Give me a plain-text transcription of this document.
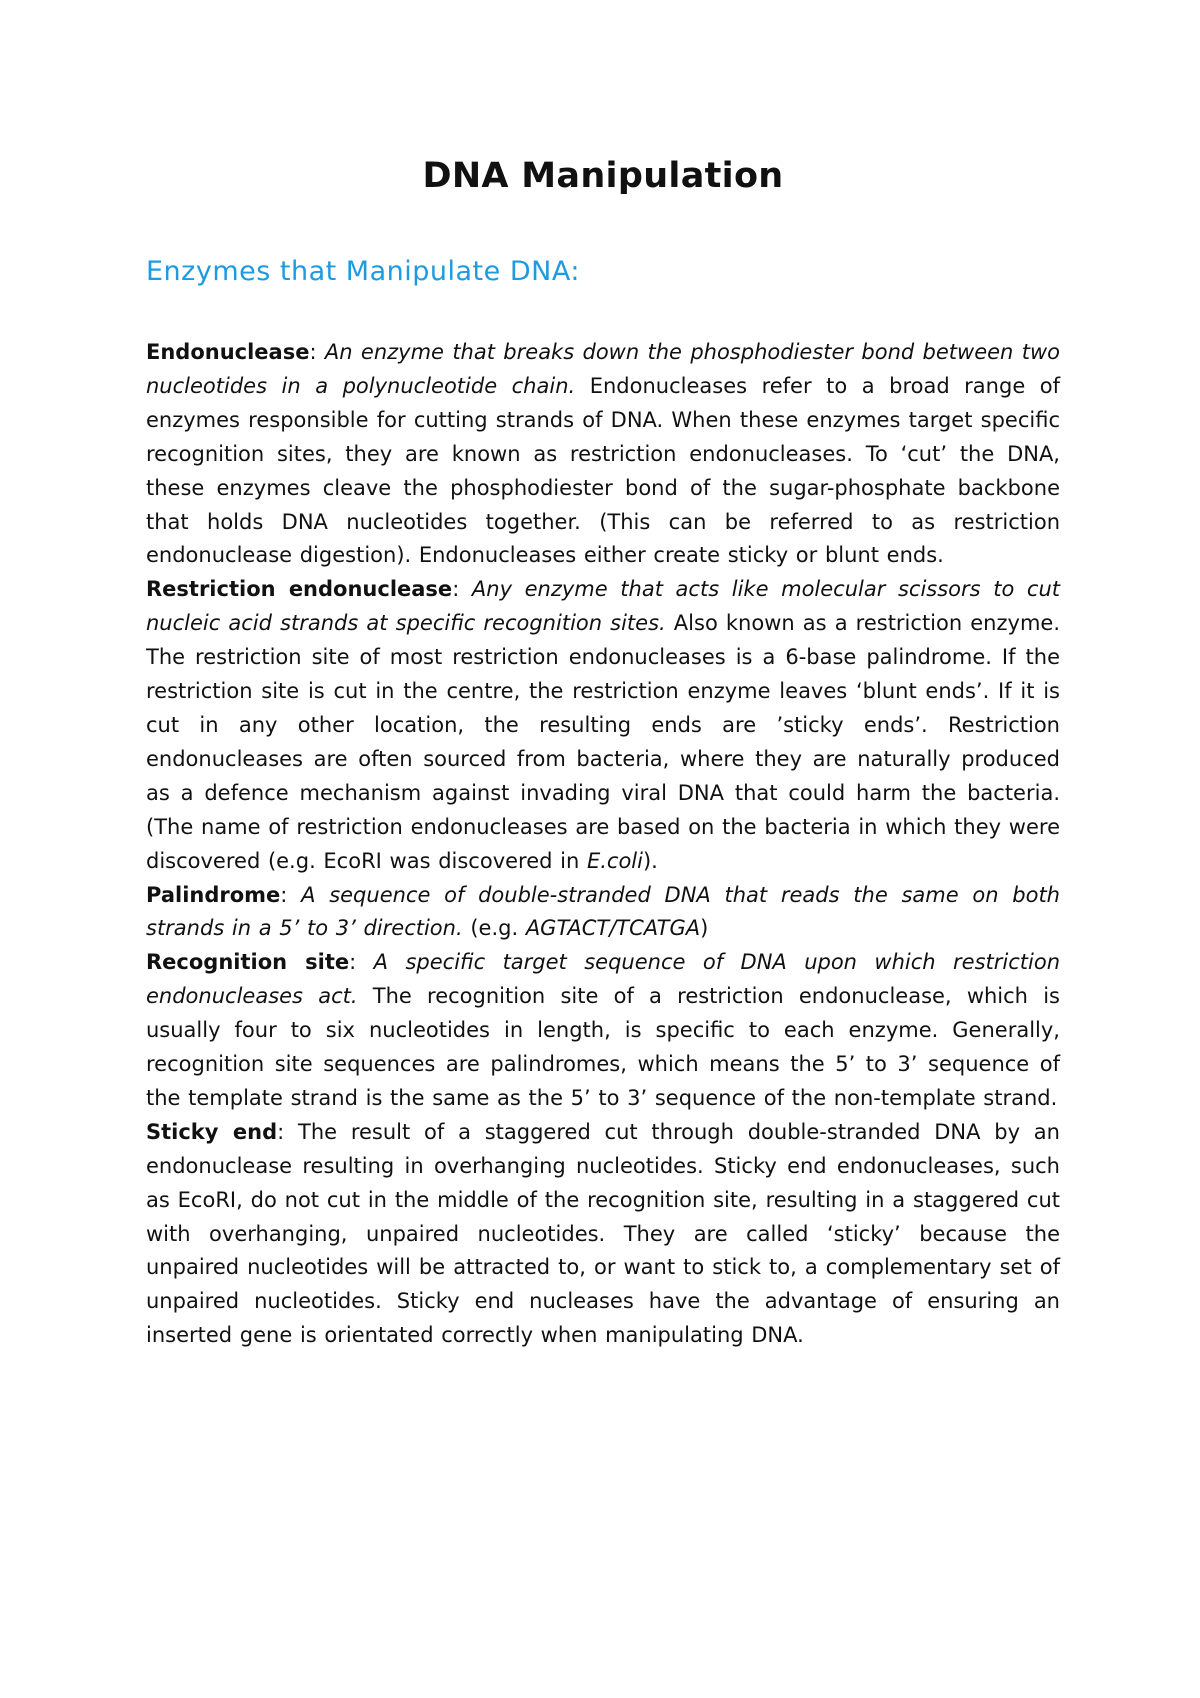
DNA Manipulation
Enzymes that Manipulate DNA:

Endonuclease: An enzyme that breaks down the phosphodiester bond between two nucleotides in a polynucleotide chain. Endonucleases refer to a broad range of enzymes responsible for cutting strands of DNA. When these enzymes target specific recognition sites, they are known as restriction endonucleases. To ‘cut’ the DNA, these enzymes cleave the phosphodiester bond of the sugar-phosphate backbone that holds DNA nucleotides together. (This can be referred to as restriction endonuclease digestion). Endonucleases either create sticky or blunt ends.

Restriction endonuclease: Any enzyme that acts like molecular scissors to cut nucleic acid strands at specific recognition sites. Also known as a restriction enzyme. The restriction site of most restriction endonucleases is a 6-base palindrome. If the restriction site is cut in the centre, the restriction enzyme leaves ‘blunt ends’. If it is cut in any other location, the resulting ends are ’sticky ends’. Restriction endonucleases are often sourced from bacteria, where they are naturally produced as a defence mechanism against invading viral DNA that could harm the bacteria. (The name of restriction endonucleases are based on the bacteria in which they were discovered (e.g. EcoRI was discovered in E.coli).

Palindrome: A sequence of double-stranded DNA that reads the same on both strands in a 5’ to 3’ direction. (e.g. AGTACT/TCATGA)

Recognition site: A specific target sequence of DNA upon which restriction endonucleases act. The recognition site of a restriction endonuclease, which is usually four to six nucleotides in length, is specific to each enzyme. Generally, recognition site sequences are palindromes, which means the 5’ to 3’ sequence of the template strand is the same as the 5’ to 3’ sequence of the non-template strand.

Sticky end: The result of a staggered cut through double-stranded DNA by an endonuclease resulting in overhanging nucleotides. Sticky end endonucleases, such as EcoRI, do not cut in the middle of the recognition site, resulting in a staggered cut with overhanging, unpaired nucleotides. They are called ‘sticky’ because the unpaired nucleotides will be attracted to, or want to stick to, a complementary set of unpaired nucleotides. Sticky end nucleases have the advantage of ensuring an inserted gene is orientated correctly when manipulating DNA.
